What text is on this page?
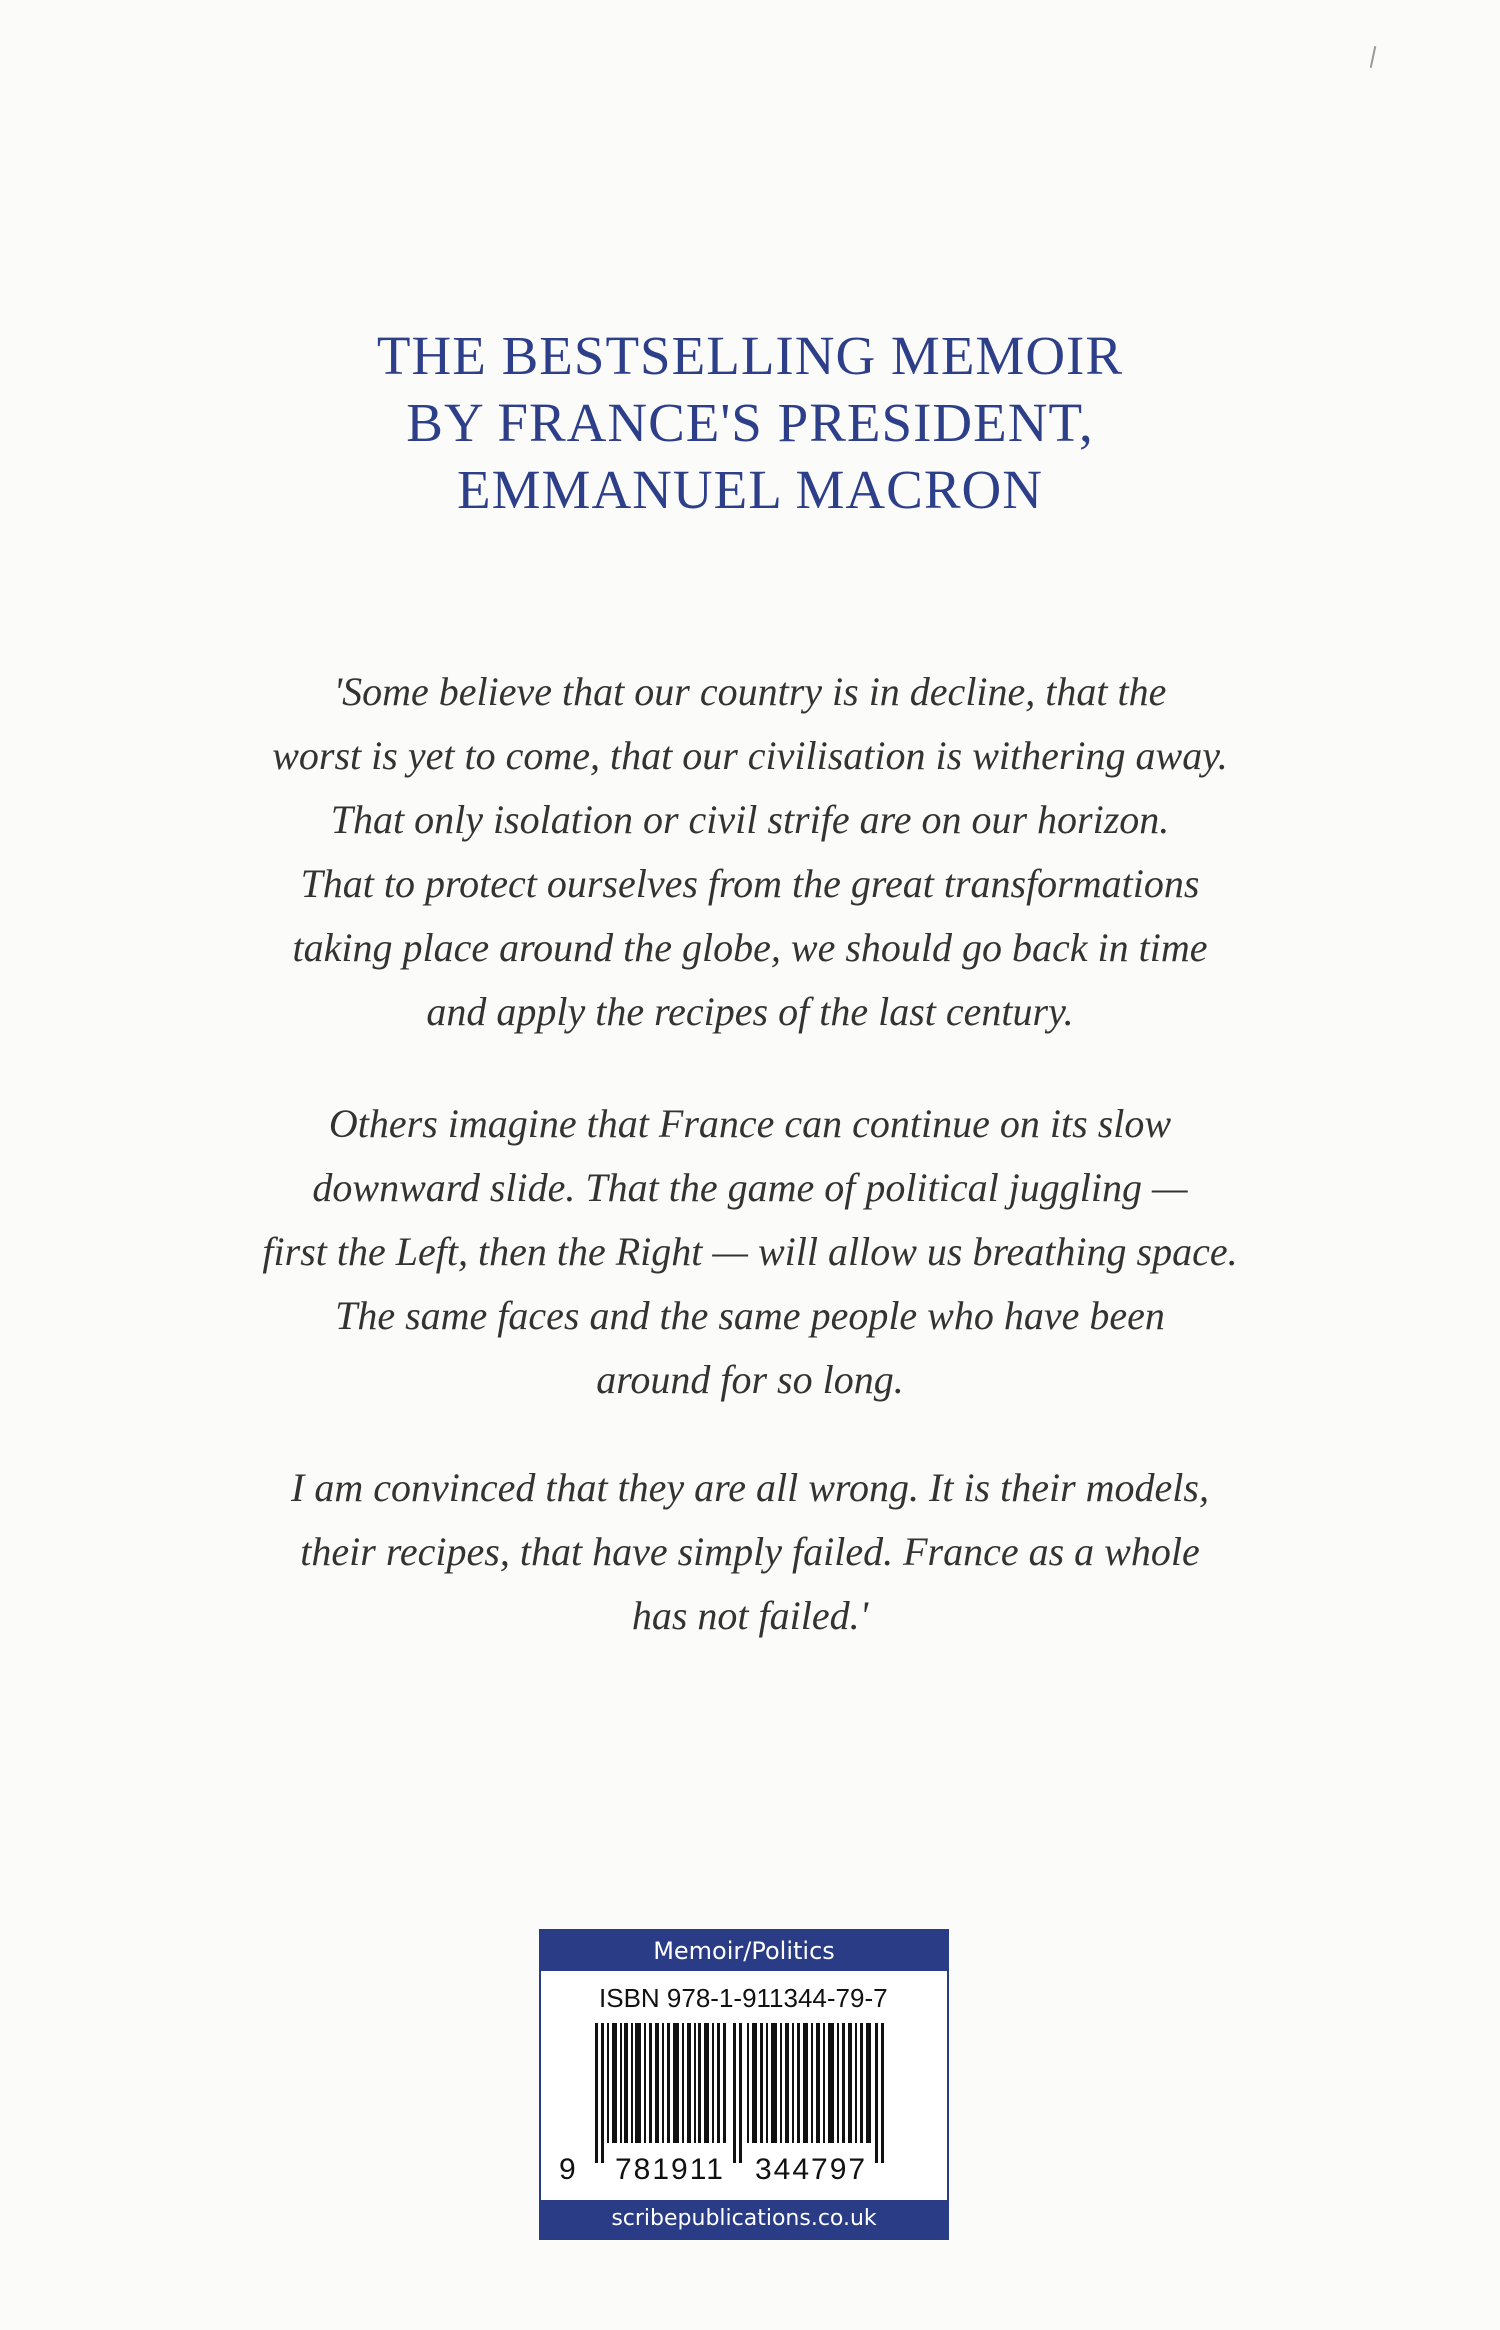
THE BESTSELLING MEMOIR
BY FRANCE'S PRESIDENT,
EMMANUEL MACRON
'Some believe that our country is in decline, that the
worst is yet to come, that our civilisation is withering away.
That only isolation or civil strife are on our horizon.
That to protect ourselves from the great transformations
taking place around the globe, we should go back in time
and apply the recipes of the last century.
Others imagine that France can continue on its slow
downward slide. That the game of political juggling —
first the Left, then the Right — will allow us breathing space.
The same faces and the same people who have been
around for so long.
I am convinced that they are all wrong. It is their models,
their recipes, that have simply failed. France as a whole
has not failed.'
Memoir/Politics
ISBN 978-1-911344-79-7
9 781911 344797
scribepublications.co.uk
